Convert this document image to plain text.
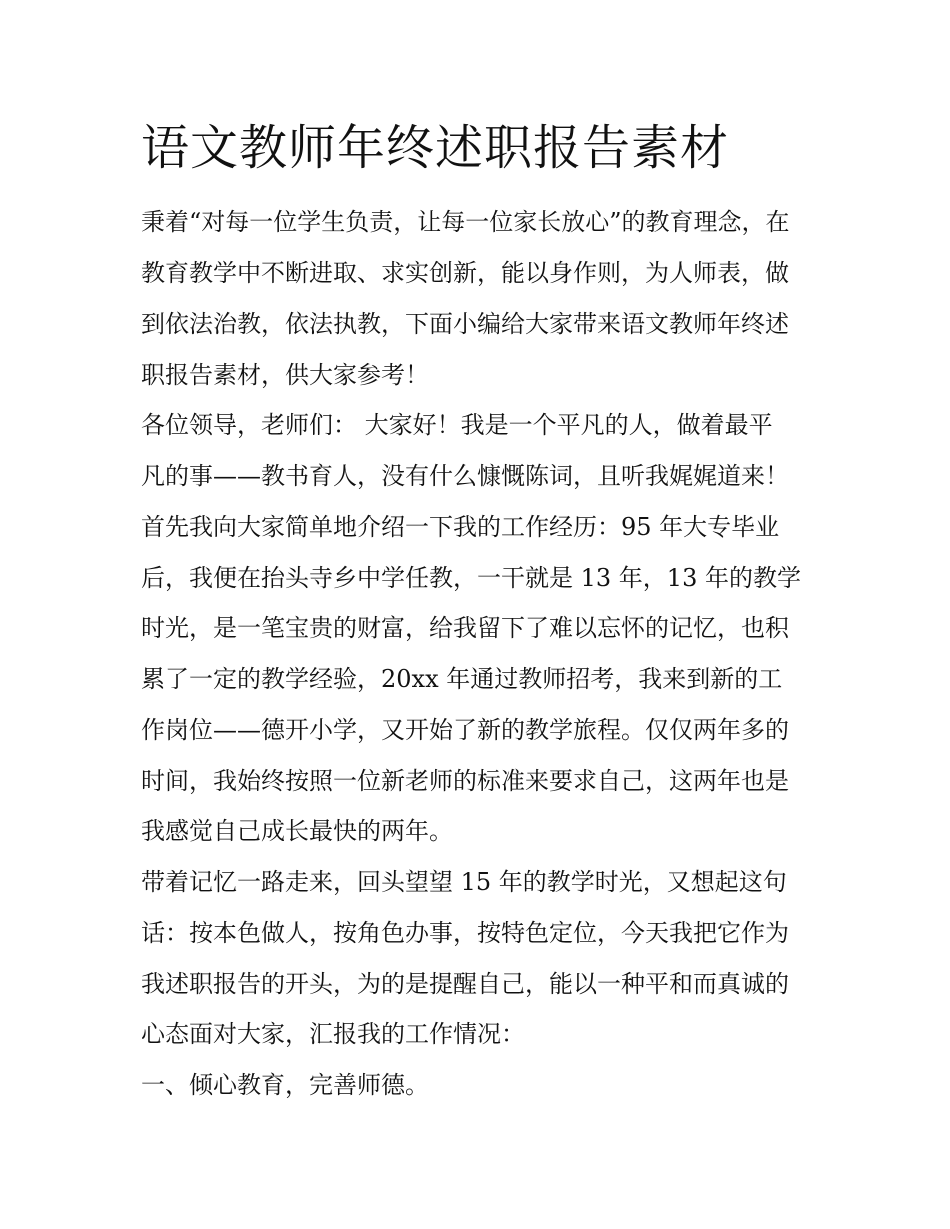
语文教师年终述职报告素材

秉着“对每一位学生负责，让每一位家长放心”的教育理念，在

教育教学中不断进取、求实创新，能以身作则，为人师表，做

到依法治教，依法执教，下面小编给大家带来语文教师年终述

职报告素材，供大家参考！

各位领导，老师们： 大家好！我是一个平凡的人，做着最平

凡的事——教书育人，没有什么慷慨陈词，且听我娓娓道来！

首先我向大家简单地介绍一下我的工作经历：95 年大专毕业

后，我便在抬头寺乡中学任教，一干就是 13 年，13 年的教学

时光，是一笔宝贵的财富，给我留下了难以忘怀的记忆，也积

累了一定的教学经验，20xx 年通过教师招考，我来到新的工

作岗位——德开小学，又开始了新的教学旅程。仅仅两年多的

时间，我始终按照一位新老师的标准来要求自己，这两年也是

我感觉自己成长最快的两年。

带着记忆一路走来，回头望望 15 年的教学时光，又想起这句

话：按本色做人，按角色办事，按特色定位，今天我把它作为

我述职报告的开头，为的是提醒自己，能以一种平和而真诚的

心态面对大家，汇报我的工作情况：

一、倾心教育，完善师德。
